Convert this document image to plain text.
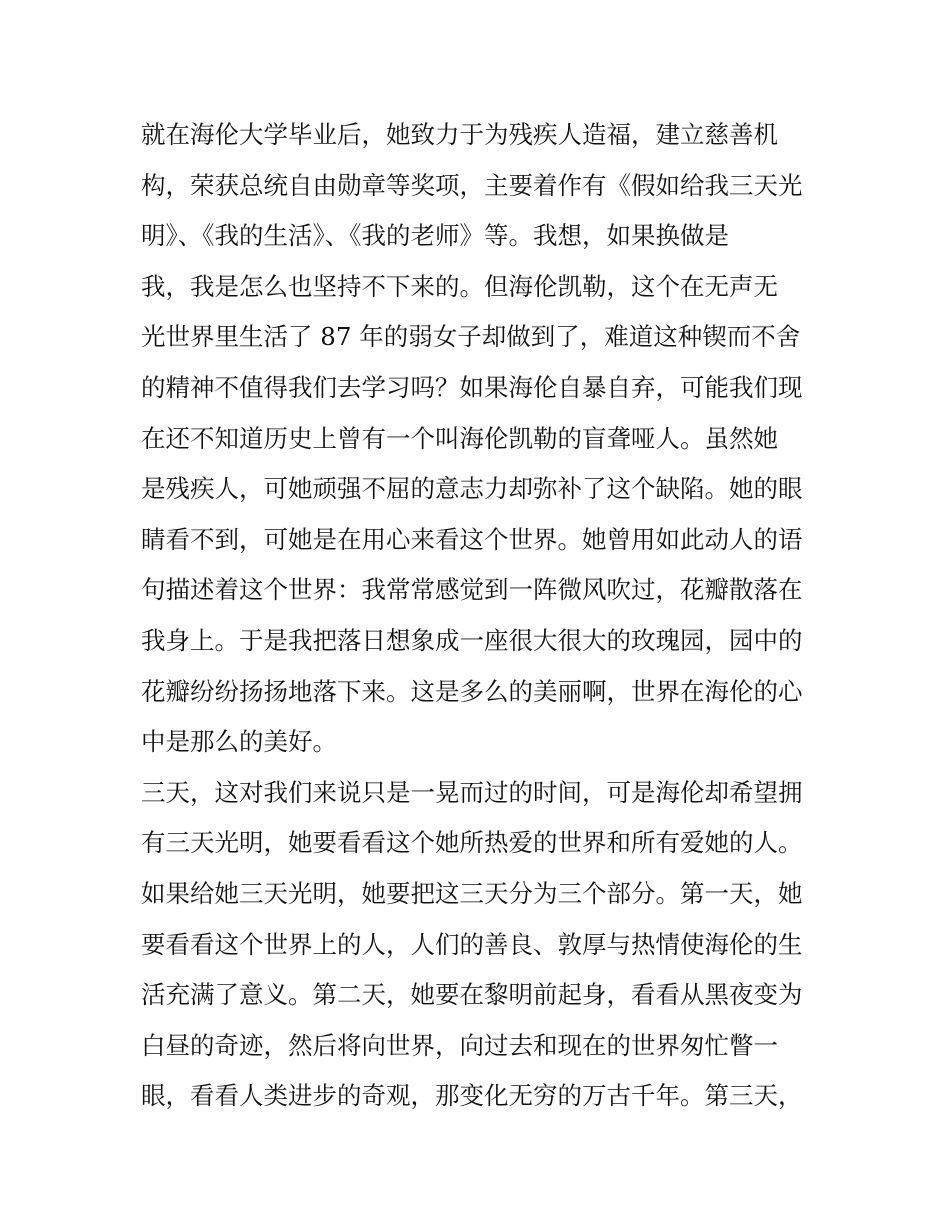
就在海伦大学毕业后，她致力于为残疾人造福，建立慈善机
构，荣获总统自由勋章等奖项，主要着作有《假如给我三天光
明》、《我的生活》、《我的老师》等。我想，如果换做是
我，我是怎么也坚持不下来的。但海伦凯勒，这个在无声无
光世界里生活了 87 年的弱女子却做到了，难道这种锲而不舍
的精神不值得我们去学习吗？如果海伦自暴自弃，可能我们现
在还不知道历史上曾有一个叫海伦凯勒的盲聋哑人。虽然她
是残疾人，可她顽强不屈的意志力却弥补了这个缺陷。她的眼
睛看不到，可她是在用心来看这个世界。她曾用如此动人的语
句描述着这个世界：我常常感觉到一阵微风吹过，花瓣散落在
我身上。于是我把落日想象成一座很大很大的玫瑰园，园中的
花瓣纷纷扬扬地落下来。这是多么的美丽啊，世界在海伦的心
中是那么的美好。
三天，这对我们来说只是一晃而过的时间，可是海伦却希望拥
有三天光明，她要看看这个她所热爱的世界和所有爱她的人。
如果给她三天光明，她要把这三天分为三个部分。第一天，她
要看看这个世界上的人，人们的善良、敦厚与热情使海伦的生
活充满了意义。第二天，她要在黎明前起身，看看从黑夜变为
白昼的奇迹，然后将向世界，向过去和现在的世界匆忙瞥一
眼，看看人类进步的奇观，那变化无穷的万古千年。第三天，
